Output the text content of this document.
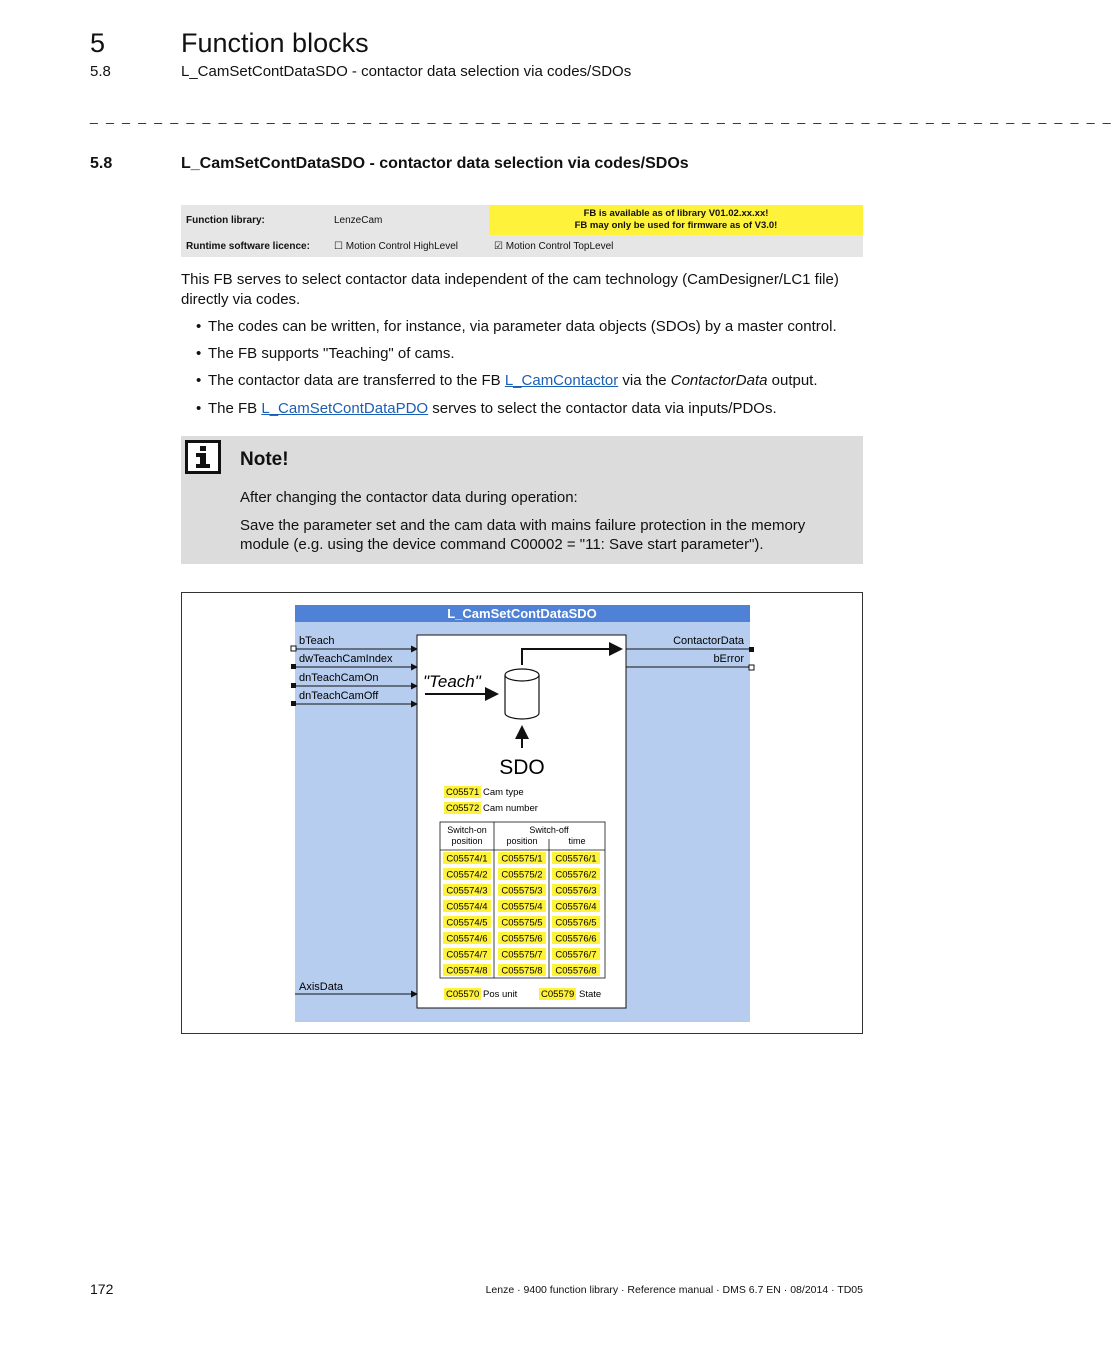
5	Function blocks
5.8	L_CamSetContDataSDO - contactor data selection via codes/SDOs
_ _ _ _ _ _ _ _ _ _ _ _ _ _ _ _ _ _ _ _ _ _ _ _ _ _ _ _ _ _ _ _ _ _ _ _ _ _ _ _ _ _ _ _ _ _ _ _ _ _ _ _ _ _ _ _ _ _ _ _ _ _ _ _
5.8	L_CamSetContDataSDO - contactor data selection via codes/SDOs
Function library:	LenzeCam	FB is available as of library V01.02.xx.xx!
FB may only be used for firmware as of V3.0!

Runtime software licence:	☐ Motion Control HighLevel	☑ Motion Control TopLevel
This FB serves to select contactor data independent of the cam technology (CamDesigner/LC1 file) directly via codes.
• The codes can be written, for instance, via parameter data objects (SDOs) by a master control.
• The FB supports "Teaching" of cams.
• The contactor data are transferred to the FB L_CamContactor via the ContactorData output.
• The FB L_CamSetContDataPDO serves to select the contactor data via inputs/PDOs.
Note!
After changing the contactor data during operation:
Save the parameter set and the cam data with mains failure protection in the memory module (e.g. using the device command C00002 = "11: Save start parameter").
L_CamSetContDataSDO
bTeach
dwTeachCamIndex
dnTeachCamOn
dnTeachCamOff
AxisData
ContactorData
bError
"Teach"
SDO
C05571 Cam type
C05572 Cam number
Switch-on
position
Switch-off
position	time
C05574/1 C05575/1 C05576/1
C05574/2 C05575/2 C05576/2
C05574/3 C05575/3 C05576/3
C05574/4 C05575/4 C05576/4
C05574/5 C05575/5 C05576/5
C05574/6 C05575/6 C05576/6
C05574/7 C05575/7 C05576/7
C05574/8 C05575/8 C05576/8
C05570 Pos unit C05579 State
172	Lenze · 9400 function library · Reference manual · DMS 6.7 EN · 08/2014 · TD05
